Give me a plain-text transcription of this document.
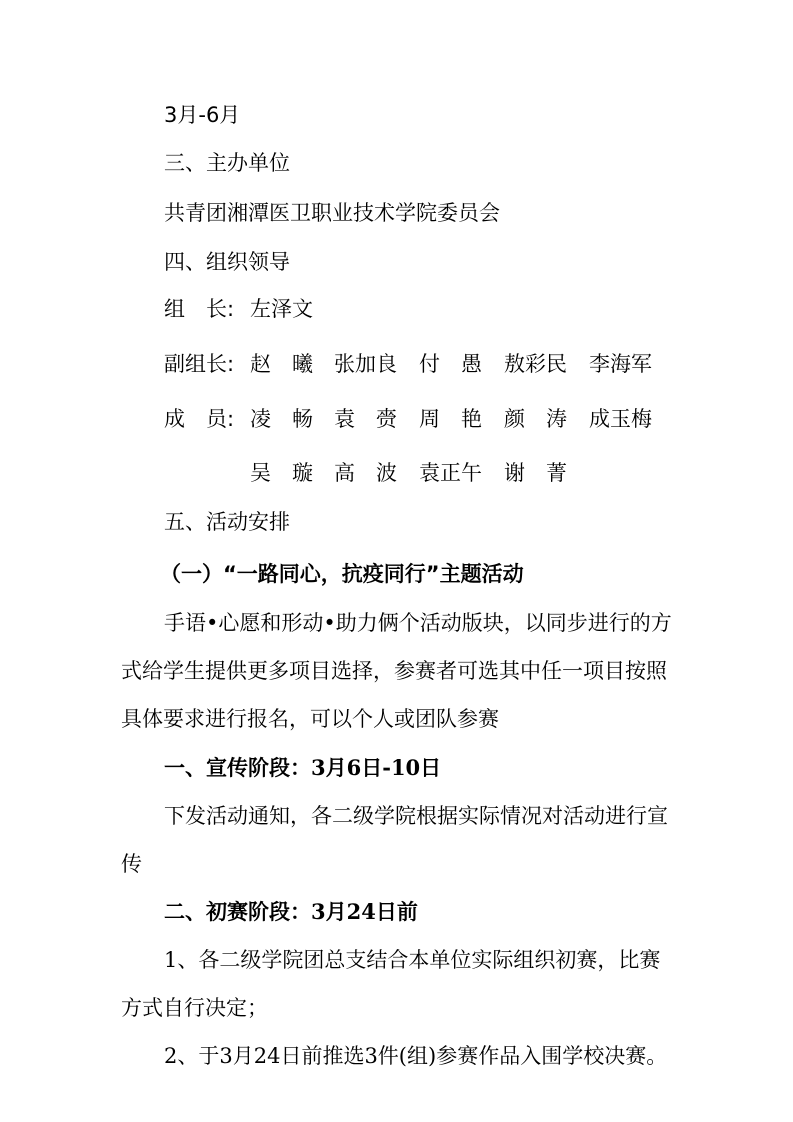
3月-6月
三、主办单位
共青团湘潭医卫职业技术学院委员会
四、组织领导
组　长: 左泽文
副组长: 赵　曦 张加良 付　愚 敖彩民 李海军
成　员: 凌　畅 袁　赍 周　艳 颜　涛 成玉梅
吴　璇 高　波 袁正午 谢　菁
五、活动安排
（一）“一路同心，抗疫同行”主题活动
手语•心愿和形动•助力俩个活动版块，以同步进行的方
式给学生提供更多项目选择，参赛者可选其中任一项目按照
具体要求进行报名，可以个人或团队参赛
一、宣传阶段：3月6日-10日
下发活动通知，各二级学院根据实际情况对活动进行宣
传
二、初赛阶段：3月24日前
1、各二级学院团总支结合本单位实际组织初赛，比赛
方式自行决定；
2、于3月24日前推选3件(组)参赛作品入围学校决赛。
